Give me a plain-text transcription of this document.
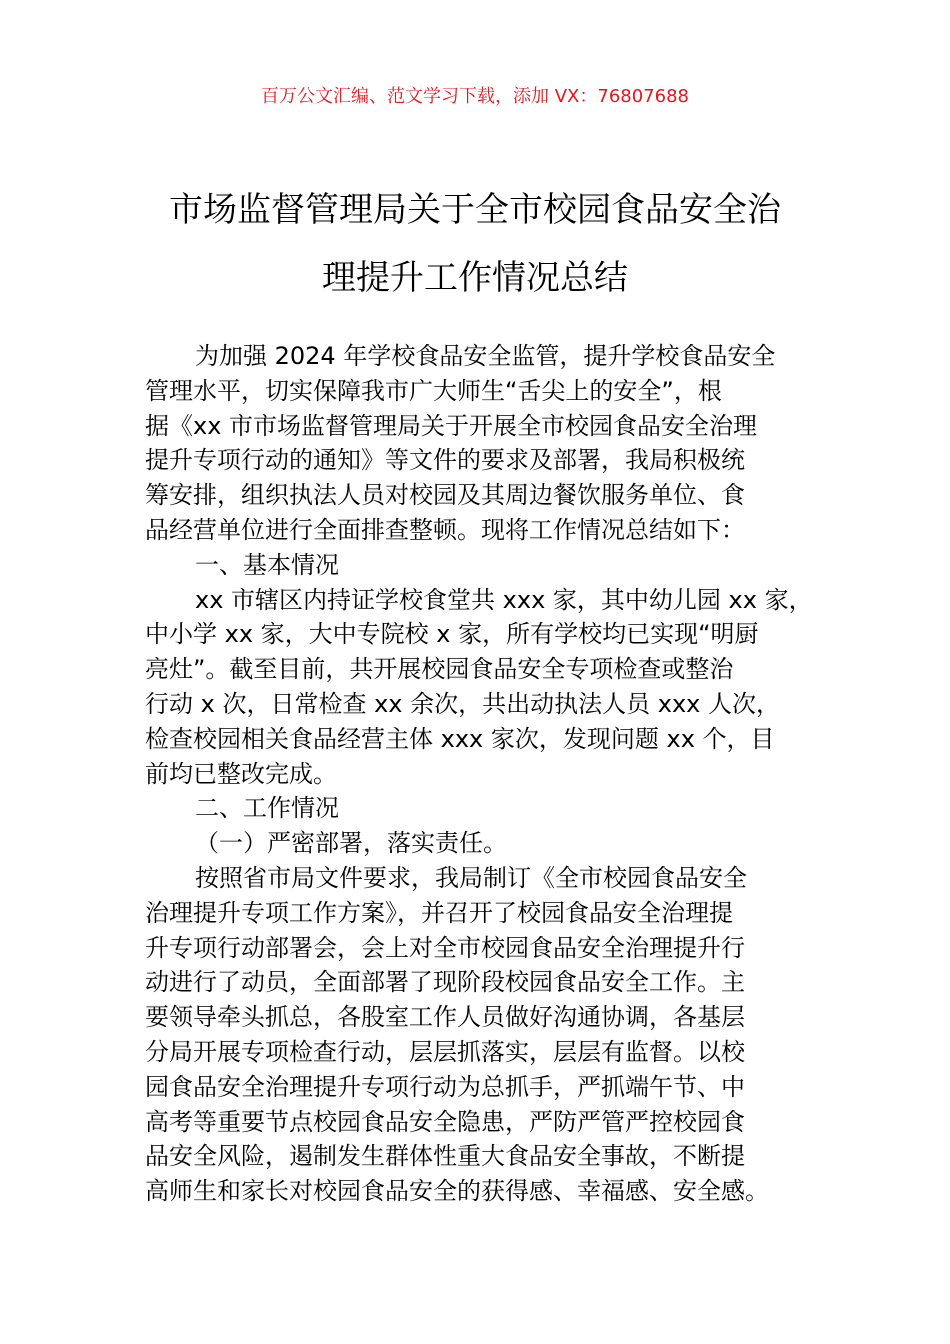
百万公文汇编、范文学习下载，添加 VX：76807688
市场监督管理局关于全市校园食品安全治
理提升工作情况总结
为加强 2024 年学校食品安全监管，提升学校食品安全
管理水平，切实保障我市广大师生“舌尖上的安全”，根
据《xx 市市场监督管理局关于开展全市校园食品安全治理
提升专项行动的通知》等文件的要求及部署，我局积极统
筹安排，组织执法人员对校园及其周边餐饮服务单位、食
品经营单位进行全面排查整顿。现将工作情况总结如下：
一、基本情况
xx 市辖区内持证学校食堂共 xxx 家，其中幼儿园 xx 家，
中小学 xx 家，大中专院校 x 家，所有学校均已实现“明厨
亮灶”。截至目前，共开展校园食品安全专项检查或整治
行动 x 次，日常检查 xx 余次，共出动执法人员 xxx 人次，
检查校园相关食品经营主体 xxx 家次，发现问题 xx 个，目
前均已整改完成。
二、工作情况
（一）严密部署，落实责任。
按照省市局文件要求，我局制订《全市校园食品安全
治理提升专项工作方案》，并召开了校园食品安全治理提
升专项行动部署会，会上对全市校园食品安全治理提升行
动进行了动员，全面部署了现阶段校园食品安全工作。主
要领导牵头抓总，各股室工作人员做好沟通协调，各基层
分局开展专项检查行动，层层抓落实，层层有监督。以校
园食品安全治理提升专项行动为总抓手，严抓端午节、中
高考等重要节点校园食品安全隐患，严防严管严控校园食
品安全风险，遏制发生群体性重大食品安全事故，不断提
高师生和家长对校园食品安全的获得感、幸福感、安全感。
